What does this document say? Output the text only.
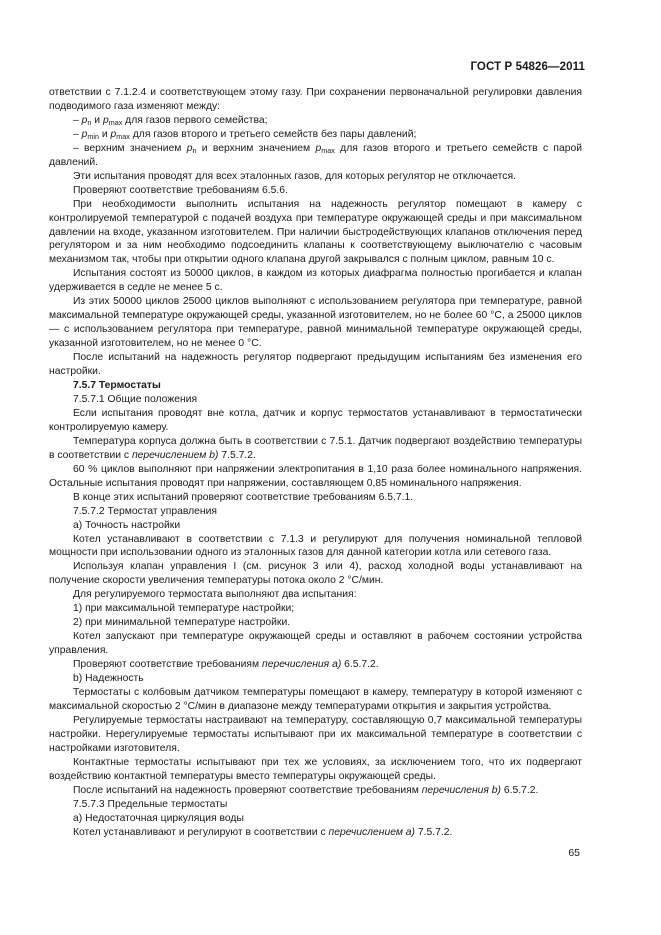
ГОСТ Р 54826—2011

ответствии с 7.1.2.4 и соответствующем этому газу. При сохранении первоначальной регулировки давления подводимого газа изменяют между:

– $p_n$ и $p_{max}$ для газов первого семейства;

– $p_{min}$ и $p_{max}$ для газов второго и третьего семейств без пары давлений;

– верхним значением $p_n$ и верхним значением $p_{max}$ для газов второго и третьего семейств с парой давлений.

Эти испытания проводят для всех эталонных газов, для которых регулятор не отключается.

Проверяют соответствие требованиям 6.5.6.

При необходимости выполнить испытания на надежность регулятор помещают в камеру с контролируемой температурой с подачей воздуха при температуре окружающей среды и при максимальном давлении на входе, указанном изготовителем. При наличии быстродействующих клапанов отключения перед регулятором и за ним необходимо подсоединить клапаны к соответствующему выключателю с часовым механизмом так, чтобы при открытии одного клапана другой закрывался с полным циклом, равным 10 с.

Испытания состоят из 50000 циклов, в каждом из которых диафрагма полностью прогибается и клапан удерживается в седле не менее 5 с.

Из этих 50000 циклов 25000 циклов выполняют с использованием регулятора при температуре, равной максимальной температуре окружающей среды, указанной изготовителем, но не более 60 °С, а 25000 циклов — с использованием регулятора при температуре, равной минимальной температуре окружающей среды, указанной изготовителем, но не менее 0 °С.

После испытаний на надежность регулятор подвергают предыдущим испытаниям без изменения его настройки.

7.5.7 Термостаты

7.5.7.1 Общие положения

Если испытания проводят вне котла, датчик и корпус термостатов устанавливают в термостатически контролируемую камеру.

Температура корпуса должна быть в соответствии с 7.5.1. Датчик подвергают воздействию температуры в соответствии с перечислением b) 7.5.7.2.

60 % циклов выполняют при напряжении электропитания в 1,10 раза более номинального напряжения. Остальные испытания проводят при напряжении, составляющем 0,85 номинального напряжения.

В конце этих испытаний проверяют соответствие требованиям 6.5.7.1.

7.5.7.2 Термостат управления

а) Точность настройки

Котел устанавливают в соответствии с 7.1.3 и регулируют для получения номинальной тепловой мощности при использовании одного из эталонных газов для данной категории котла или сетевого газа.

Используя клапан управления I (см. рисунок 3 или 4), расход холодной воды устанавливают на получение скорости увеличения температуры потока около 2 °С/мин.

Для регулируемого термостата выполняют два испытания:

1) при максимальной температуре настройки;

2) при минимальной температуре настройки.

Котел запускают при температуре окружающей среды и оставляют в рабочем состоянии устройства управления.

Проверяют соответствие требованиям перечисления а) 6.5.7.2.

b) Надежность

Термостаты с колбовым датчиком температуры помещают в камеру, температуру в которой изменяют с максимальной скоростью 2 °С/мин в диапазоне между температурами открытия и закрытия устройства.

Регулируемые термостаты настраивают на температуру, составляющую 0,7 максимальной температуры настройки. Нерегулируемые термостаты испытывают при их максимальной температуре в соответствии с настройками изготовителя.

Контактные термостаты испытывают при тех же условиях, за исключением того, что их подвергают воздействию контактной температуры вместо температуры окружающей среды.

После испытаний на надежность проверяют соответствие требованиям перечисления b) 6.5.7.2.

7.5.7.3 Предельные термостаты

а) Недостаточная циркуляция воды

Котел устанавливают и регулируют в соответствии с перечислением а) 7.5.7.2.

65
